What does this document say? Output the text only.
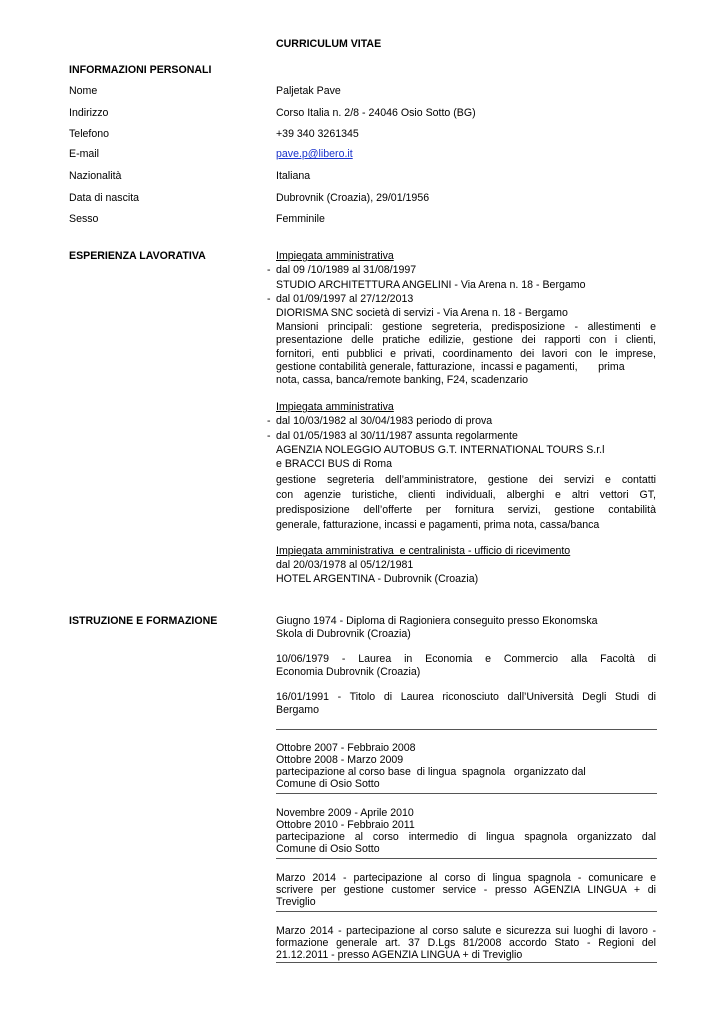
CURRICULUM VITAE
INFORMAZIONI PERSONALI
Nome	Paljetak Pave
Indirizzo	Corso Italia n. 2/8 - 24046 Osio Sotto (BG)
Telefono	+39 340 3261345
E-mail	pave.p@libero.it
Nazionalità	Italiana
Data di nascita	Dubrovnik (Croazia), 29/01/1956
Sesso	Femminile
ESPERIENZA LAVORATIVA	Impiegata amministrativa
- dal 09 /10/1989 al 31/08/1997
STUDIO ARCHITETTURA ANGELINI - Via Arena n. 18 - Bergamo
- dal 01/09/1997 al 27/12/2013
DIORISMA SNC società di servizi - Via Arena n. 18 - Bergamo
Mansioni principali: gestione segreteria, predisposizione - allestimenti e
presentazione delle pratiche edilizie, gestione dei rapporti con i clienti,
fornitori, enti pubblici e privati, coordinamento dei lavori con le imprese,
gestione contabilità generale, fatturazione,  incassi e pagamenti,       prima
nota, cassa, banca/remote banking, F24, scadenzario
Impiegata amministrativa
- dal 10/03/1982 al 30/04/1983 periodo di prova
- dal 01/05/1983 al 30/11/1987 assunta regolarmente
AGENZIA NOLEGGIO AUTOBUS G.T. INTERNATIONAL TOURS S.r.l
e BRACCI BUS di Roma
gestione segreteria dell’amministratore, gestione dei servizi e contatti
con agenzie turistiche, clienti individuali, alberghi e altri vettori GT,
predisposizione dell’offerte per fornitura servizi, gestione contabilità
generale, fatturazione, incassi e pagamenti, prima nota, cassa/banca
Impiegata amministrativa  e centralinista - ufficio di ricevimento
dal 20/03/1978 al 05/12/1981
HOTEL ARGENTINA - Dubrovnik (Croazia)
ISTRUZIONE E FORMAZIONE	Giugno 1974 - Diploma di Ragioniera conseguito presso Ekonomska
Skola di Dubrovnik (Croazia)
10/06/1979 - Laurea in Economia e Commercio alla Facoltà di
Economia Dubrovnik (Croazia)
16/01/1991 - Titolo di Laurea riconosciuto dall’Università Degli Studi di
Bergamo
Ottobre 2007 - Febbraio 2008
Ottobre 2008 - Marzo 2009
partecipazione al corso base  di lingua  spagnola   organizzato dal
Comune di Osio Sotto
Novembre 2009 - Aprile 2010
Ottobre 2010 - Febbraio 2011
partecipazione al corso intermedio di lingua spagnola organizzato dal
Comune di Osio Sotto
Marzo 2014 - partecipazione al corso di lingua spagnola - comunicare e
scrivere per gestione customer service - presso AGENZIA LINGUA + di
Treviglio
Marzo 2014 - partecipazione al corso salute e sicurezza sui luoghi di lavoro -
formazione generale art. 37 D.Lgs 81/2008 accordo Stato - Regioni del
21.12.2011 - presso AGENZIA LINGUA + di Treviglio
